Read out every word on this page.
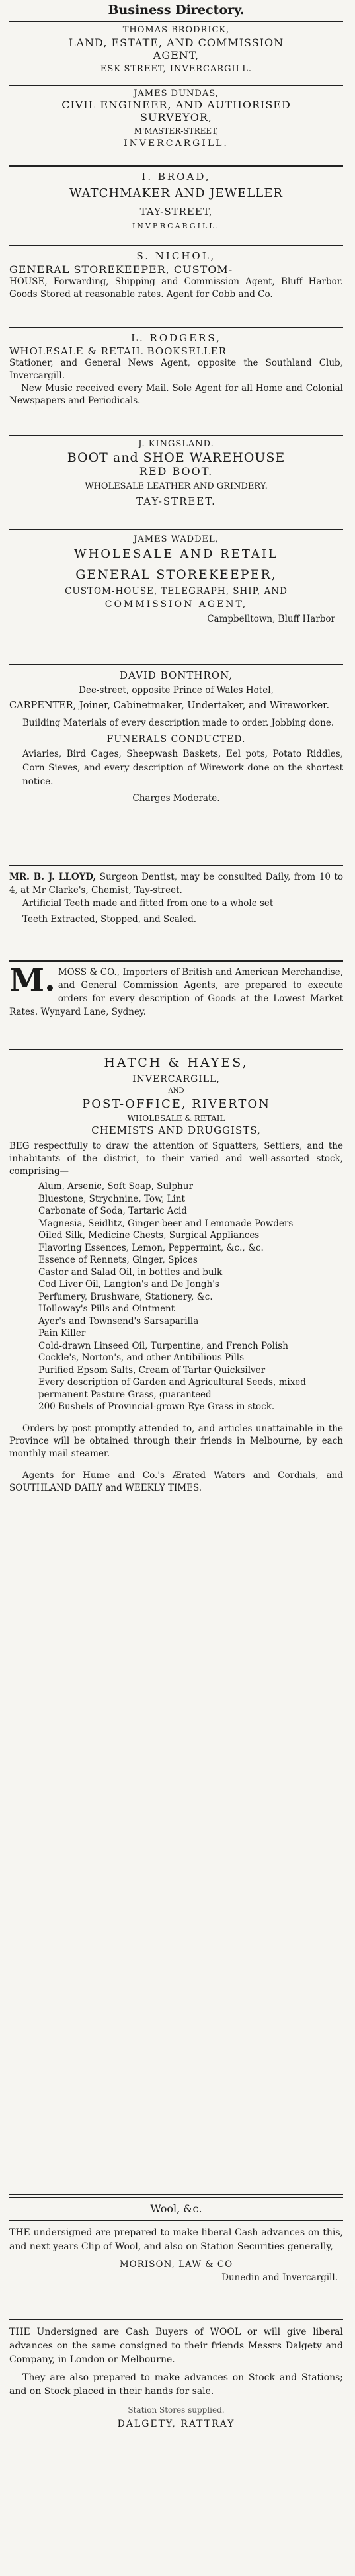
Business Directory.

THOMAS BRODRICK,

LAND, ESTATE, AND COMMISSION

AGENT,

ESK-STREET, INVERCARGILL.

JAMES DUNDAS,

CIVIL ENGINEER, AND AUTHORISED

SURVEYOR,

M'MASTER-STREET,

INVERCARGILL.

I. BROAD,

WATCHMAKER AND JEWELLER

TAY-STREET,

INVERCARGILL.

S. NICHOL,

GENERAL STOREKEEPER, CUSTOM-

HOUSE, Forwarding, Shipping and Commission Agent, Bluff Harbor. Goods Stored at reasonable rates. Agent for Cobb and Co.

L. RODGERS,

WHOLESALE & RETAIL BOOKSELLER

Stationer, and General News Agent, opposite the Southland Club, Invercargill.

New Music received every Mail. Sole Agent for all Home and Colonial Newspapers and Periodicals.

J. KINGSLAND.

BOOT and SHOE WAREHOUSE

RED BOOT.

WHOLESALE LEATHER AND GRINDERY.

TAY-STREET.

JAMES WADDEL,

WHOLESALE AND RETAIL

GENERAL STOREKEEPER,

CUSTOM-HOUSE, TELEGRAPH, SHIP, AND

COMMISSION AGENT,

Campbelltown, Bluff Harbor

DAVID BONTHRON,

Dee-street, opposite Prince of Wales Hotel,

CARPENTER, Joiner, Cabinetmaker, Undertaker, and Wireworker.

Building Materials of every description made to order. Jobbing done.

FUNERALS CONDUCTED.

Aviaries, Bird Cages, Sheepwash Baskets, Eel pots, Potato Riddles, Corn Sieves, and every description of Wirework done on the shortest notice.

Charges Moderate.

MR. B. J. LLOYD, Surgeon Dentist, may be consulted Daily, from 10 to 4, at Mr Clarke's, Chemist, Tay-street.

Artificial Teeth made and fitted from one to a whole set

Teeth Extracted, Stopped, and Scaled.

M. MOSS & CO., Importers of British and American Merchandise, and General Commission Agents, are prepared to execute orders for every description of Goods at the Lowest Market Rates. Wynyard Lane, Sydney.

HATCH & HAYES,

INVERCARGILL,

AND

POST-OFFICE, RIVERTON

WHOLESALE & RETAIL

CHEMISTS AND DRUGGISTS,

BEG respectfully to draw the attention of Squatters, Settlers, and the inhabitants of the district, to their varied and well-assorted stock, comprising—

Alum, Arsenic, Soft Soap, Sulphur

Bluestone, Strychnine, Tow, Lint

Carbonate of Soda, Tartaric Acid

Magnesia, Seidlitz, Ginger-beer and Lemonade Powders

Oiled Silk, Medicine Chests, Surgical Appliances

Flavoring Essences, Lemon, Peppermint, &c., &c.

Essence of Rennets, Ginger, Spices

Castor and Salad Oil, in bottles and bulk

Cod Liver Oil, Langton's and De Jongh's

Perfumery, Brushware, Stationery, &c.

Holloway's Pills and Ointment

Ayer's and Townsend's Sarsaparilla

Pain Killer

Cold-drawn Linseed Oil, Turpentine, and French Polish

Cockle's, Norton's, and other Antibilious Pills

Purified Epsom Salts, Cream of Tartar Quicksilver

Every description of Garden and Agricultural Seeds, mixed permanent Pasture Grass, guaranteed

200 Bushels of Provincial-grown Rye Grass in stock.

Orders by post promptly attended to, and articles unattainable in the Province will be obtained through their friends in Melbourne, by each monthly mail steamer.

Agents for Hume and Co.'s Ærated Waters and Cordials, and SOUTHLAND DAILY and WEEKLY TIMES.

Wool, &c.

THE undersigned are prepared to make liberal Cash advances on this, and next years Clip of Wool, and also on Station Securities generally,

MORISON, LAW & CO

Dunedin and Invercargill.

THE Undersigned are Cash Buyers of WOOL or will give liberal advances on the same consigned to their friends Messrs Dalgety and Company, in London or Melbourne.

They are also prepared to make advances on Stock and Stations; and on Stock placed in their hands for sale.

Station Stores supplied.

DALGETY, RATTRAY
